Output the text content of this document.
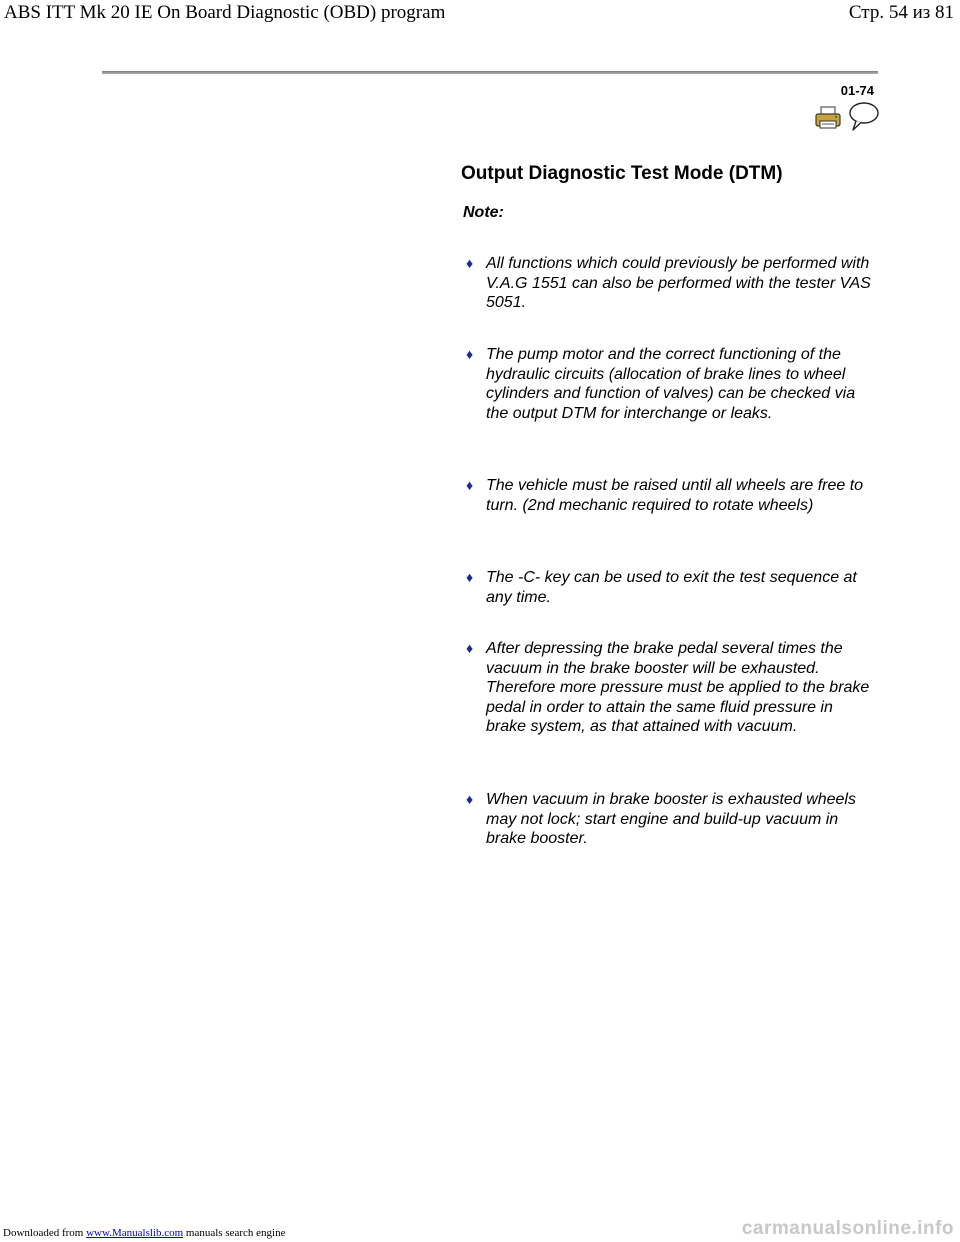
ABS ITT Mk 20 IE On Board Diagnostic (OBD) program	Стр. 54 из 81
01-74
Output Diagnostic Test Mode (DTM)
Note:
♦ All functions which could previously be performed with V.A.G 1551 can also be performed with the tester VAS 5051.
♦ The pump motor and the correct functioning of the hydraulic circuits (allocation of brake lines to wheel cylinders and function of valves) can be checked via the output DTM for interchange or leaks.
♦ The vehicle must be raised until all wheels are free to turn. (2nd mechanic required to rotate wheels)
♦ The -C- key can be used to exit the test sequence at any time.
♦ After depressing the brake pedal several times the vacuum in the brake booster will be exhausted. Therefore more pressure must be applied to the brake pedal in order to attain the same fluid pressure in brake system, as that attained with vacuum.
♦ When vacuum in brake booster is exhausted wheels may not lock; start engine and build-up vacuum in brake booster.
Downloaded from www.Manualslib.com manuals search engine	carmanualsonline.info
